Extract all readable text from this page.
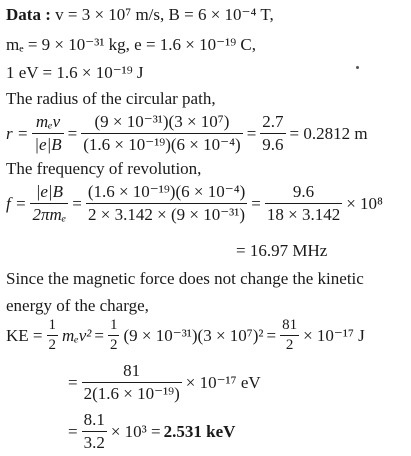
Data : v = 3 × 10⁷ m/s, B = 6 × 10⁻⁴ T,
mₑ = 9 × 10⁻³¹ kg, e = 1.6 × 10⁻¹⁹ C,
1 eV = 1.6 × 10⁻¹⁹ J
The radius of the circular path,
$r = \frac{\text{mₑv}}{|e|B} = \frac{\text{(9 × 10⁻³¹)(3 × 10⁷)}}{\text{(1.6 × 10⁻¹⁹)(6 × 10⁻⁴)}} = \frac{2.7}{9.6} = 0.2812$ m
The frequency of revolution,
$f = \frac{|e|B}{\text{2πmₑ}} = \frac{\text{(1.6 × 10⁻¹⁹)(6 × 10⁻⁴)}}{\text{2 × 3.142 × (9 × 10⁻³¹)}} = \frac{9.6}{18 \times 3.142} \times 10^8$
= 16.97 MHz
Since the magnetic force does not change the kinetic
energy of the charge,
KE = $\frac{1}{2} m_ev^2 = \frac{1}{2} (9 \times 10^{-31})(3 \times 10^7)^2 = \frac{81}{2} \times 10^{-17}$ J
= $\frac{81}{\text{2(1.6 × 10⁻¹⁹)}} \times 10^{-17}$ eV
= $\frac{8.1}{3.2} \times 10^3 = 2.531$ keV
